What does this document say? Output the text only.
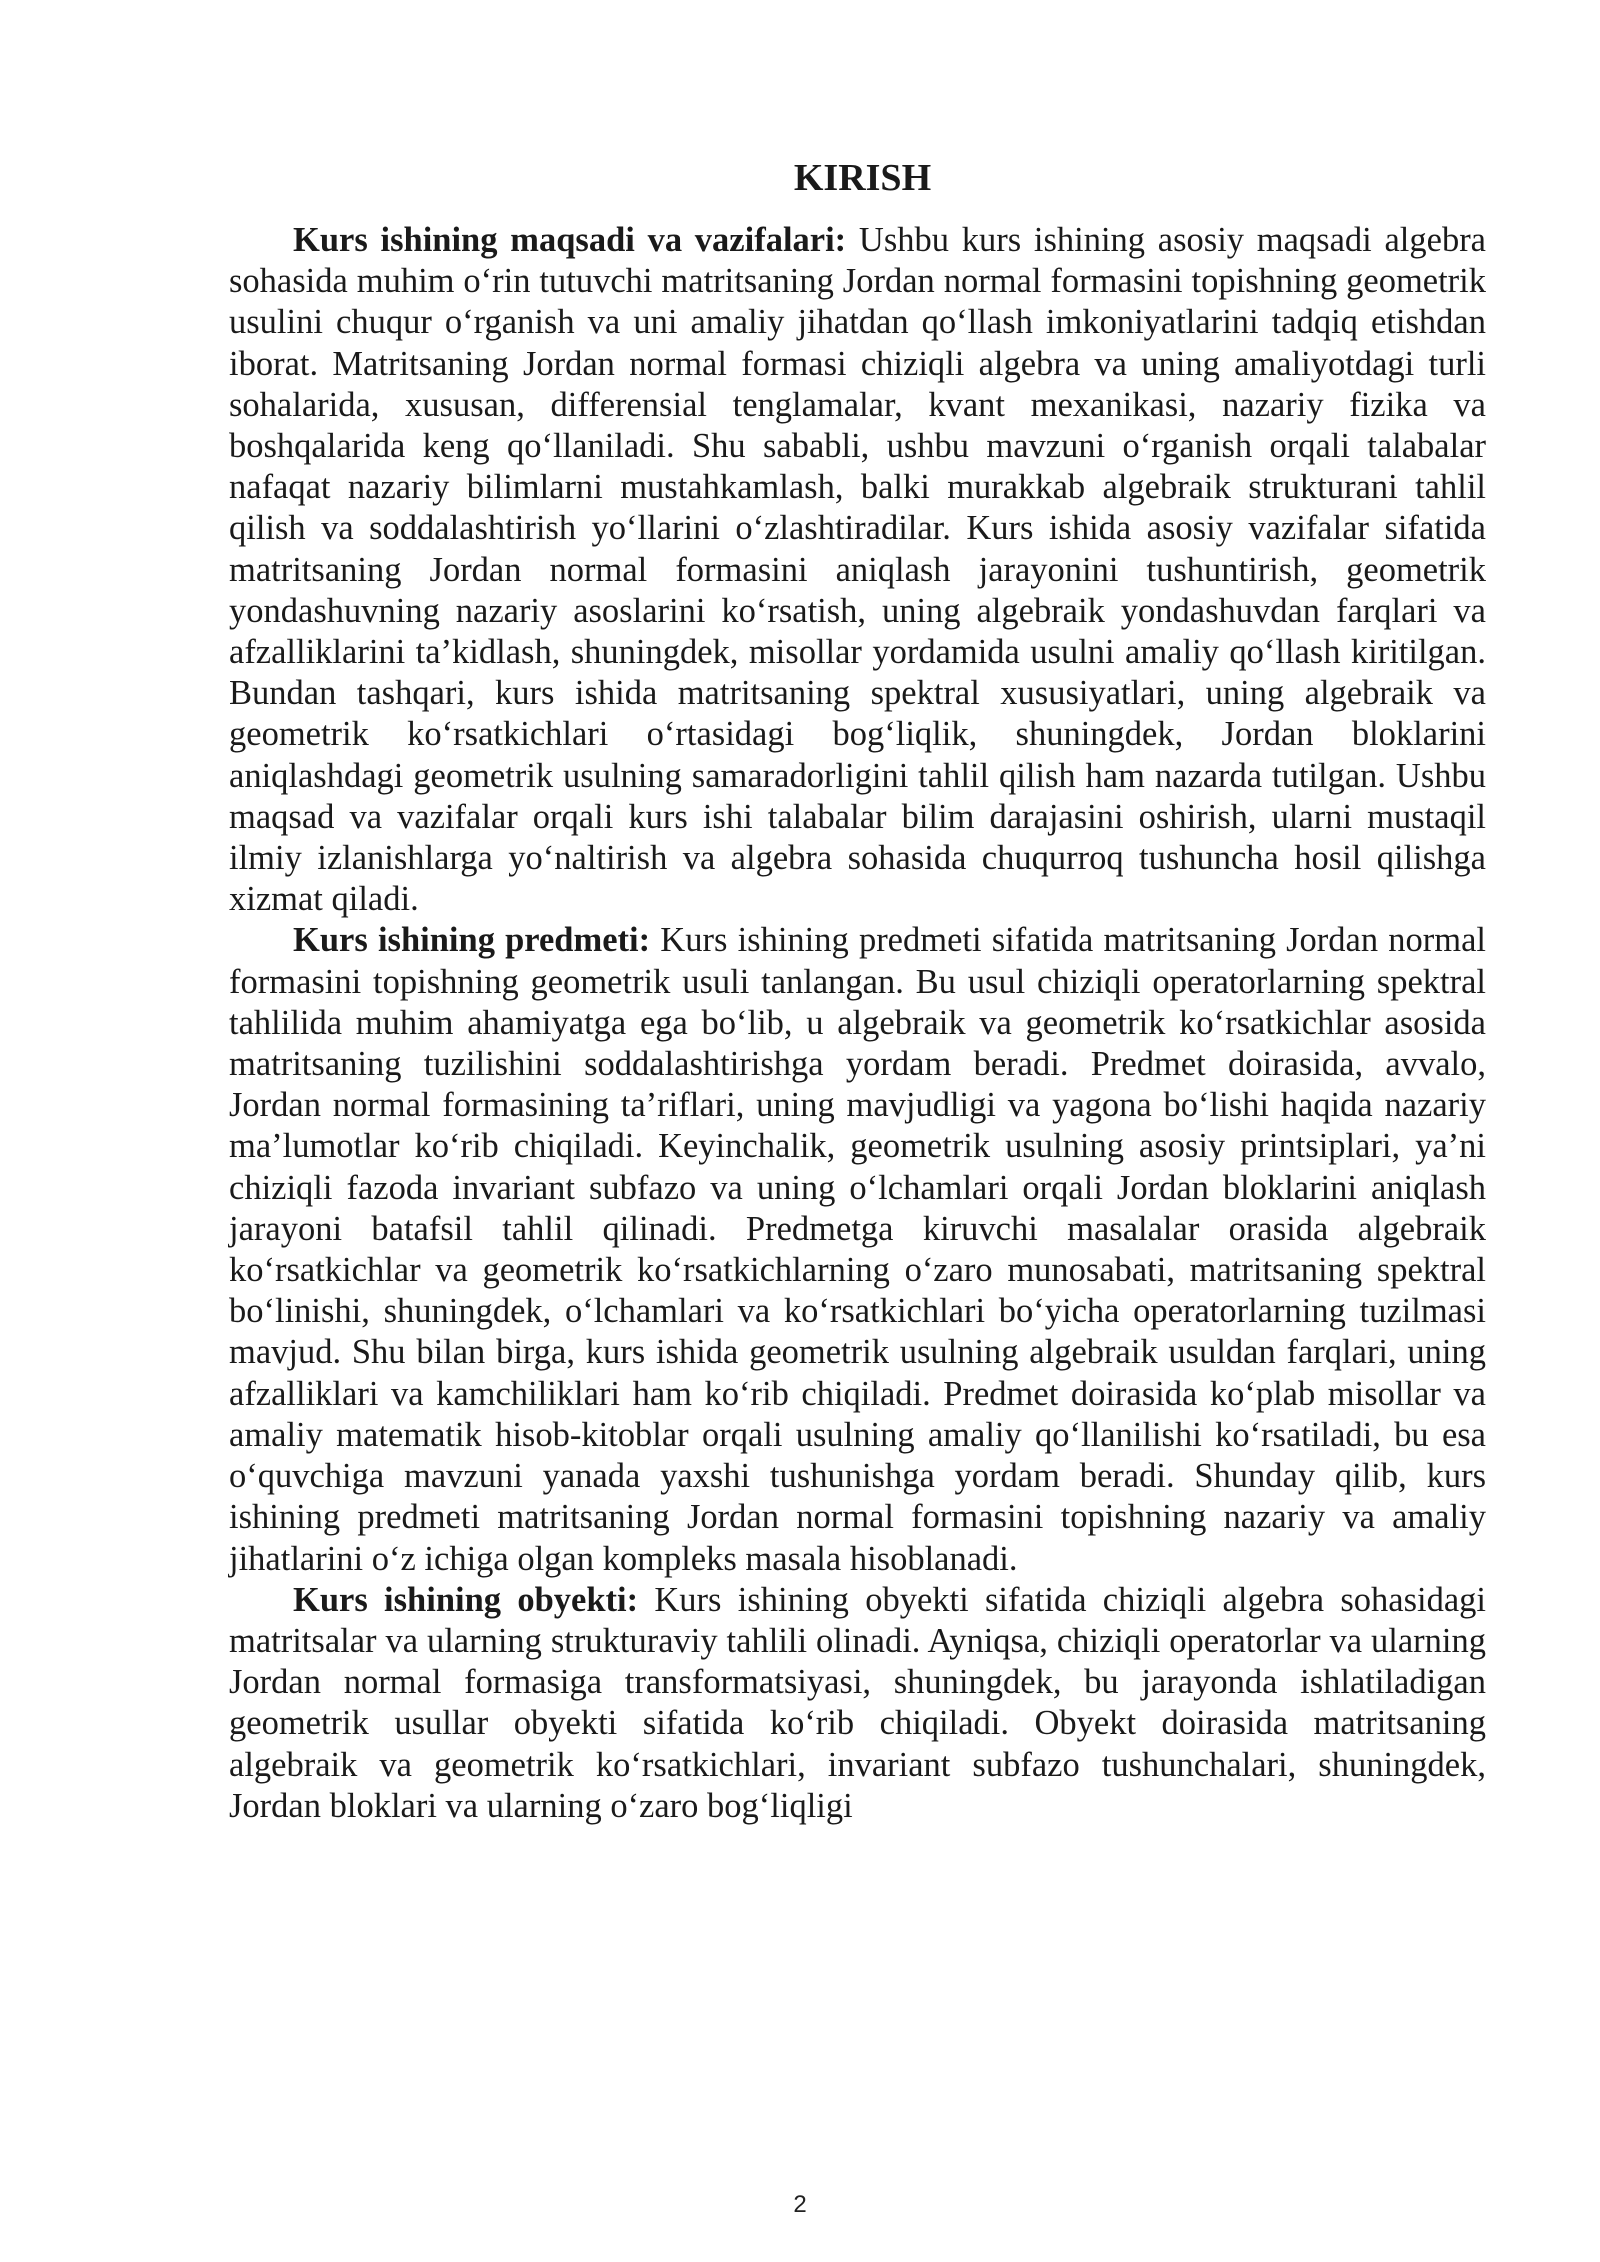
KIRISH

Kurs ishining maqsadi va vazifalari: Ushbu kurs ishining asosiy maqsadi algebra sohasida muhim o‘rin tutuvchi matritsaning Jordan normal formasini topishning geometrik usulini chuqur o‘rganish va uni amaliy jihatdan qo‘llash imkoniyatlarini tadqiq etishdan iborat. Matritsaning Jordan normal formasi chiziqli algebra va uning amaliyotdagi turli sohalarida, xususan, differensial tenglamalar, kvant mexanikasi, nazariy fizika va boshqalarida keng qo‘llaniladi. Shu sababli, ushbu mavzuni o‘rganish orqali talabalar nafaqat nazariy bilimlarni mustahkamlash, balki murakkab algebraik strukturani tahlil qilish va soddalashtirish yo‘llarini o‘zlashtiradilar. Kurs ishida asosiy vazifalar sifatida matritsaning Jordan normal formasini aniqlash jarayonini tushuntirish, geometrik yondashuvning nazariy asoslarini ko‘rsatish, uning algebraik yondashuvdan farqlari va afzalliklarini ta’kidlash, shuningdek, misollar yordamida usulni amaliy qo‘llash kiritilgan. Bundan tashqari, kurs ishida matritsaning spektral xususiyatlari, uning algebraik va geometrik ko‘rsatkichlari o‘rtasidagi bog‘liqlik, shuningdek, Jordan bloklarini aniqlashdagi geometrik usulning samaradorligini tahlil qilish ham nazarda tutilgan. Ushbu maqsad va vazifalar orqali kurs ishi talabalar bilim darajasini oshirish, ularni mustaqil ilmiy izlanishlarga yo‘naltirish va algebra sohasida chuqurroq tushuncha hosil qilishga xizmat qiladi.

Kurs ishining predmeti: Kurs ishining predmeti sifatida matritsaning Jordan normal formasini topishning geometrik usuli tanlangan. Bu usul chiziqli operatorlarning spektral tahlilida muhim ahamiyatga ega bo‘lib, u algebraik va geometrik ko‘rsatkichlar asosida matritsaning tuzilishini soddalashtirishga yordam beradi. Predmet doirasida, avvalo, Jordan normal formasining ta’riflari, uning mavjudligi va yagona bo‘lishi haqida nazariy ma’lumotlar ko‘rib chiqiladi. Keyinchalik, geometrik usulning asosiy printsiplari, ya’ni chiziqli fazoda invariant subfazo va uning o‘lchamlari orqali Jordan bloklarini aniqlash jarayoni batafsil tahlil qilinadi. Predmetga kiruvchi masalalar orasida algebraik ko‘rsatkichlar va geometrik ko‘rsatkichlarning o‘zaro munosabati, matritsaning spektral bo‘linishi, shuningdek, o‘lchamlari va ko‘rsatkichlari bo‘yicha operatorlarning tuzilmasi mavjud. Shu bilan birga, kurs ishida geometrik usulning algebraik usuldan farqlari, uning afzalliklari va kamchiliklari ham ko‘rib chiqiladi. Predmet doirasida ko‘plab misollar va amaliy matematik hisob-kitoblar orqali usulning amaliy qo‘llanilishi ko‘rsatiladi, bu esa o‘quvchiga mavzuni yanada yaxshi tushunishga yordam beradi. Shunday qilib, kurs ishining predmeti matritsaning Jordan normal formasini topishning nazariy va amaliy jihatlarini o‘z ichiga olgan kompleks masala hisoblanadi.

Kurs ishining obyekti: Kurs ishining obyekti sifatida chiziqli algebra sohasidagi matritsalar va ularning strukturaviy tahlili olinadi. Ayniqsa, chiziqli operatorlar va ularning Jordan normal formasiga transformatsiyasi, shuningdek, bu jarayonda ishlatiladigan geometrik usullar obyekti sifatida ko‘rib chiqiladi. Obyekt doirasida matritsaning algebraik va geometrik ko‘rsatkichlari, invariant subfazo tushunchalari, shuningdek, Jordan bloklari va ularning o‘zaro bog‘liqligi

2
